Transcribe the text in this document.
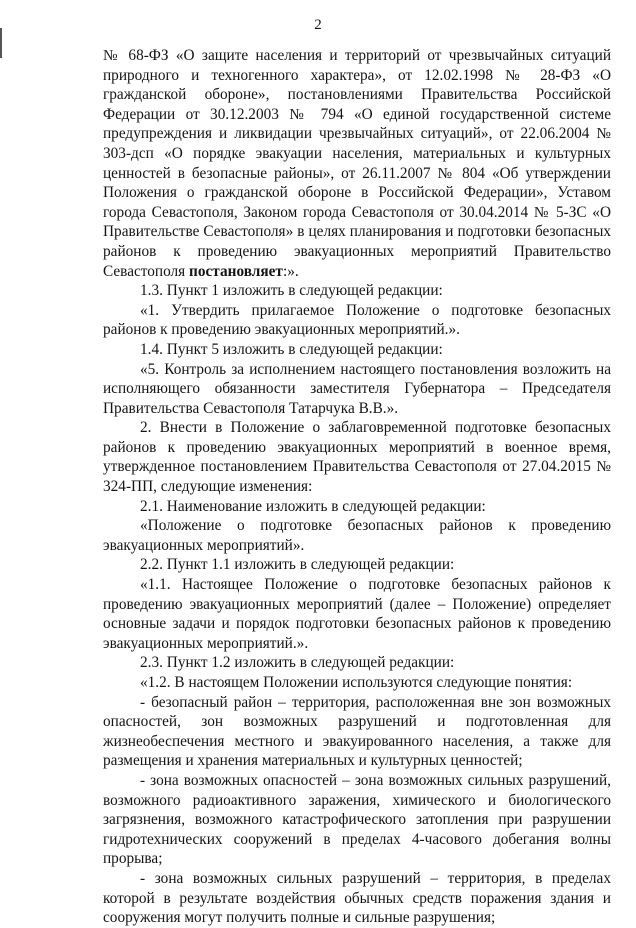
2

№ 68-ФЗ «О защите населения и территорий от чрезвычайных ситуаций природного и техногенного характера», от 12.02.1998 № 28-ФЗ «О гражданской обороне», постановлениями Правительства Российской Федерации от 30.12.2003 № 794 «О единой государственной системе предупреждения и ликвидации чрезвычайных ситуаций», от 22.06.2004 № 303-дсп «О порядке эвакуации населения, материальных и культурных ценностей в безопасные районы», от 26.11.2007 № 804 «Об утверждении Положения о гражданской обороне в Российской Федерации», Уставом города Севастополя, Законом города Севастополя от 30.04.2014 № 5-ЗС «О Правительстве Севастополя» в целях планирования и подготовки безопасных районов к проведению эвакуационных мероприятий Правительство Севастополя постановляет:».

1.3. Пункт 1 изложить в следующей редакции:

«1. Утвердить прилагаемое Положение о подготовке безопасных районов к проведению эвакуационных мероприятий.».

1.4. Пункт 5 изложить в следующей редакции:

«5. Контроль за исполнением настоящего постановления возложить на исполняющего обязанности заместителя Губернатора – Председателя Правительства Севастополя Татарчука В.В.».

2. Внести в Положение о заблаговременной подготовке безопасных районов к проведению эвакуационных мероприятий в военное время, утвержденное постановлением Правительства Севастополя от 27.04.2015 № 324-ПП, следующие изменения:

2.1. Наименование изложить в следующей редакции:

«Положение о подготовке безопасных районов к проведению эвакуационных мероприятий».

2.2. Пункт 1.1 изложить в следующей редакции:

«1.1. Настоящее Положение о подготовке безопасных районов к проведению эвакуационных мероприятий (далее – Положение) определяет основные задачи и порядок подготовки безопасных районов к проведению эвакуационных мероприятий.».

2.3. Пункт 1.2 изложить в следующей редакции:

«1.2. В настоящем Положении используются следующие понятия:

- безопасный район – территория, расположенная вне зон возможных опасностей, зон возможных разрушений и подготовленная для жизнеобеспечения местного и эвакуированного населения, а также для размещения и хранения материальных и культурных ценностей;

- зона возможных опасностей – зона возможных сильных разрушений, возможного радиоактивного заражения, химического и биологического загрязнения, возможного катастрофического затопления при разрушении гидротехнических сооружений в пределах 4-часового добегания волны прорыва;

- зона возможных сильных разрушений – территория, в пределах которой в результате воздействия обычных средств поражения здания и сооружения могут получить полные и сильные разрушения;
